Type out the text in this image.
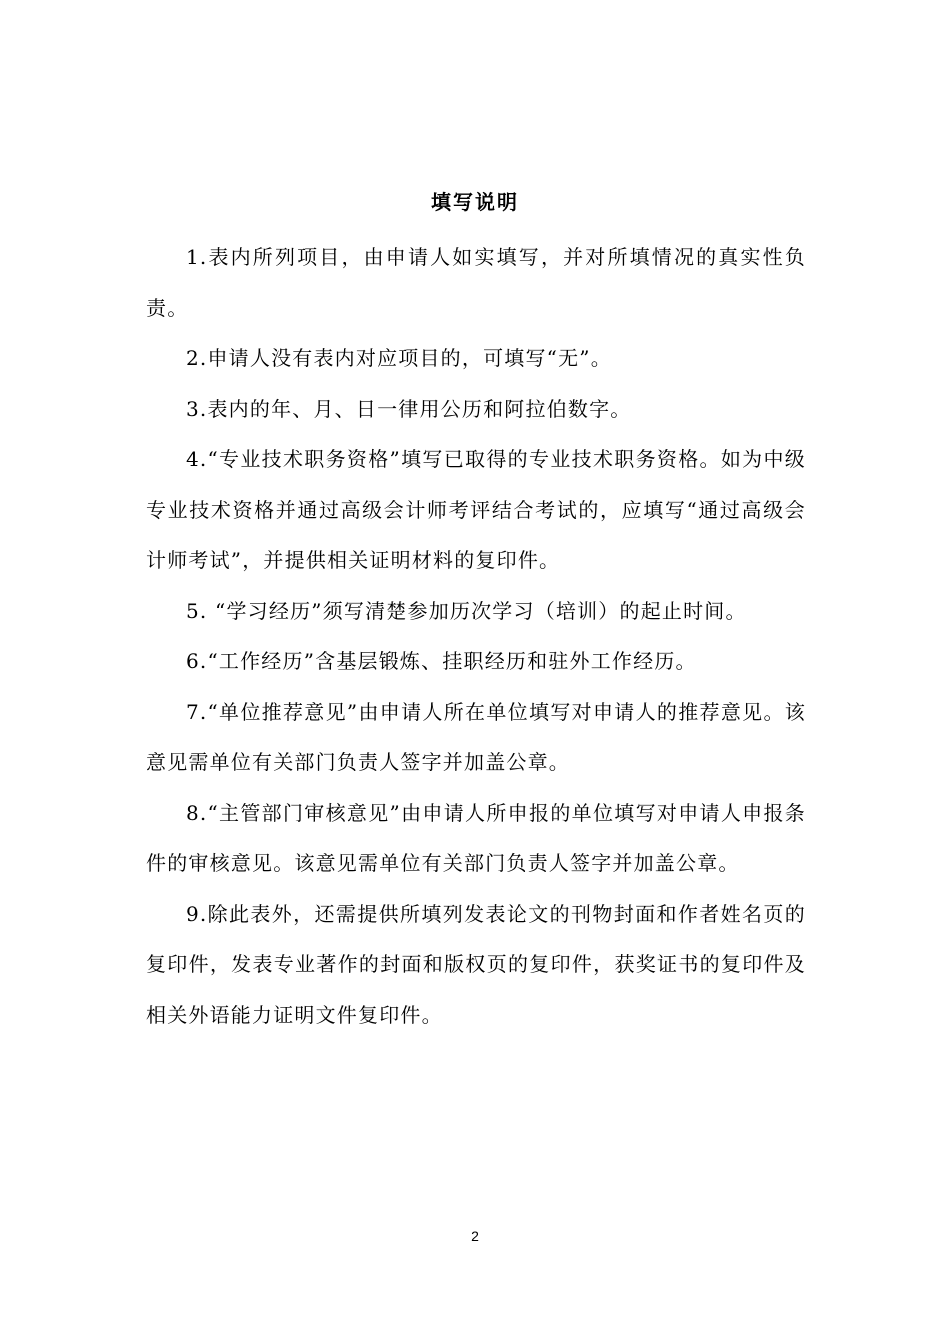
填写说明

1.表内所列项目，由申请人如实填写，并对所填情况的真实性负责。

2.申请人没有表内对应项目的，可填写“无”。

3.表内的年、月、日一律用公历和阿拉伯数字。

4.“专业技术职务资格”填写已取得的专业技术职务资格。如为中级专业技术资格并通过高级会计师考评结合考试的，应填写“通过高级会计师考试”，并提供相关证明材料的复印件。

5. “学习经历”须写清楚参加历次学习（培训）的起止时间。

6.“工作经历”含基层锻炼、挂职经历和驻外工作经历。

7.“单位推荐意见”由申请人所在单位填写对申请人的推荐意见。该意见需单位有关部门负责人签字并加盖公章。

8.“主管部门审核意见”由申请人所申报的单位填写对申请人申报条件的审核意见。该意见需单位有关部门负责人签字并加盖公章。

9.除此表外，还需提供所填列发表论文的刊物封面和作者姓名页的复印件，发表专业著作的封面和版权页的复印件，获奖证书的复印件及相关外语能力证明文件复印件。

2
